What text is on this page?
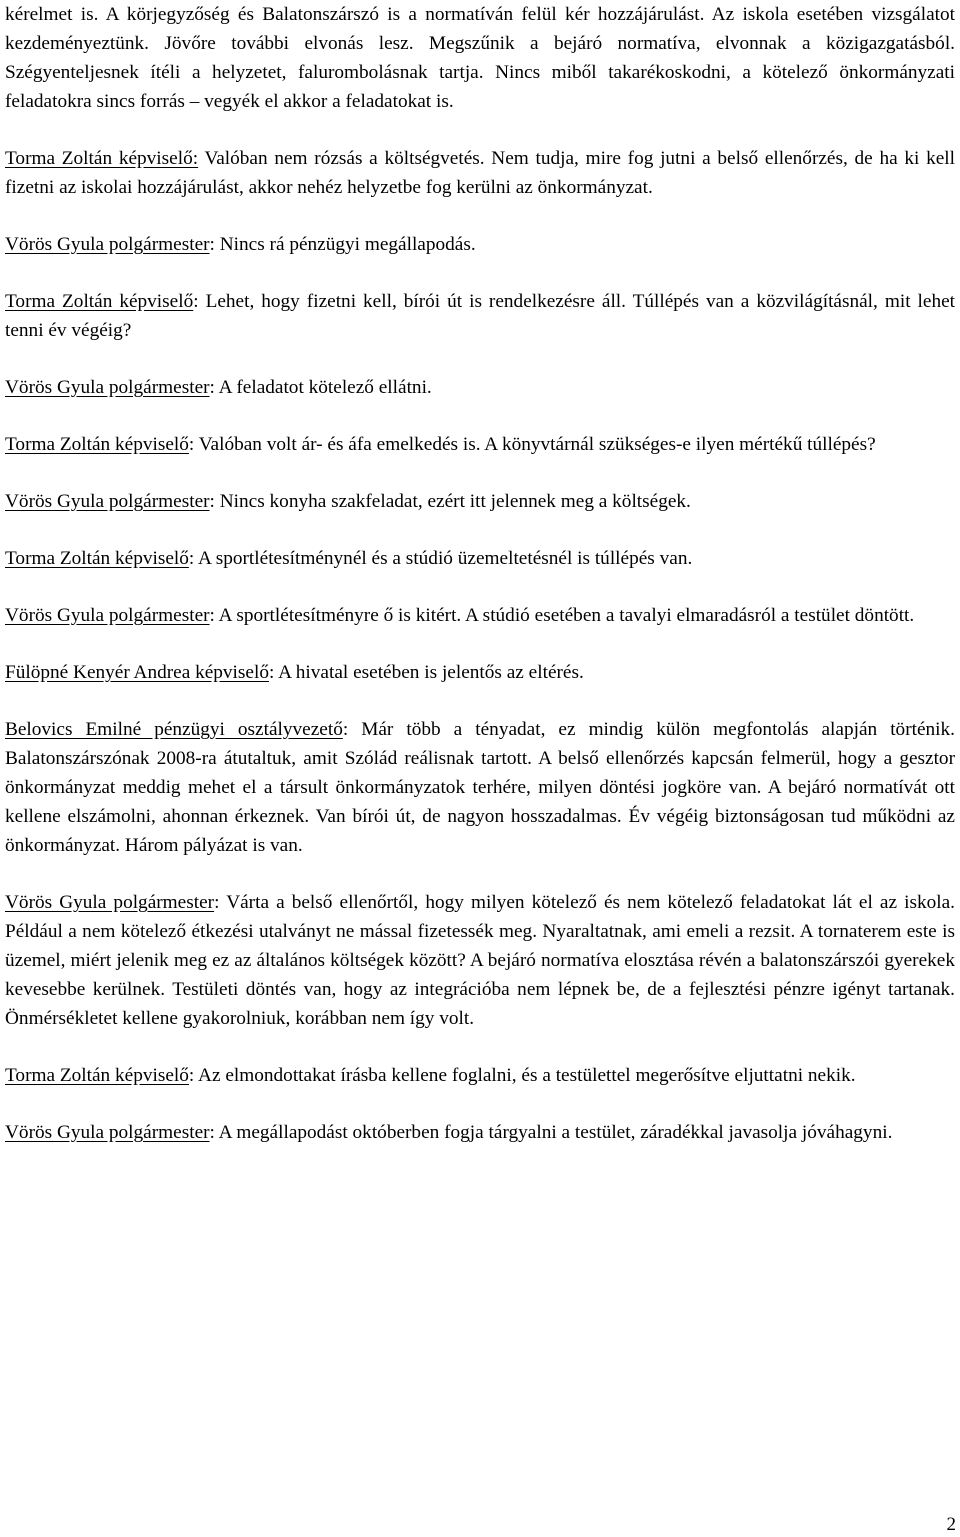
kérelmet is. A körjegyzőség és Balatonszárszó is a normatíván felül kér hozzájárulást. Az iskola esetében vizsgálatot kezdeményeztünk. Jövőre további elvonás lesz. Megszűnik a bejáró normatíva, elvonnak a közigazgatásból. Szégyenteljesnek ítéli a helyzetet, falurombolásnak tartja. Nincs miből takarékoskodni, a kötelező önkormányzati feladatokra sincs forrás – vegyék el akkor a feladatokat is.

Torma Zoltán képviselő: Valóban nem rózsás a költségvetés. Nem tudja, mire fog jutni a belső ellenőrzés, de ha ki kell fizetni az iskolai hozzájárulást, akkor nehéz helyzetbe fog kerülni az önkormányzat.

Vörös Gyula polgármester: Nincs rá pénzügyi megállapodás.

Torma Zoltán képviselő: Lehet, hogy fizetni kell, bírói út is rendelkezésre áll. Túllépés van a közvilágításnál, mit lehet tenni év végéig?

Vörös Gyula polgármester: A feladatot kötelező ellátni.

Torma Zoltán képviselő: Valóban volt ár- és áfa emelkedés is. A könyvtárnál szükséges-e ilyen mértékű túllépés?

Vörös Gyula polgármester: Nincs konyha szakfeladat, ezért itt jelennek meg a költségek.

Torma Zoltán képviselő: A sportlétesítménynél és a stúdió üzemeltetésnél is túllépés van.

Vörös Gyula polgármester: A sportlétesítményre ő is kitért. A stúdió esetében a tavalyi elmaradásról a testület döntött.

Fülöpné Kenyér Andrea képviselő: A hivatal esetében is jelentős az eltérés.

Belovics Emilné pénzügyi osztályvezető: Már több a tényadat, ez mindig külön megfontolás alapján történik. Balatonszárszónak 2008-ra átutaltuk, amit Szólád reálisnak tartott. A belső ellenőrzés kapcsán felmerül, hogy a gesztor önkormányzat meddig mehet el a társult önkormányzatok terhére, milyen döntési jogköre van. A bejáró normatívát ott kellene elszámolni, ahonnan érkeznek. Van bírói út, de nagyon hosszadalmas. Év végéig biztonságosan tud működni az önkormányzat. Három pályázat is van.

Vörös Gyula polgármester: Várta a belső ellenőrtől, hogy milyen kötelező és nem kötelező feladatokat lát el az iskola. Például a nem kötelező étkezési utalványt ne mással fizetessék meg. Nyaraltatnak, ami emeli a rezsit. A tornaterem este is üzemel, miért jelenik meg ez az általános költségek között? A bejáró normatíva elosztása révén a balatonszárszói gyerekek kevesebbe kerülnek. Testületi döntés van, hogy az integrációba nem lépnek be, de a fejlesztési pénzre igényt tartanak. Önmérsékletet kellene gyakorolniuk, korábban nem így volt.

Torma Zoltán képviselő: Az elmondottakat írásba kellene foglalni, és a testülettel megerősítve eljuttatni nekik.

Vörös Gyula polgármester: A megállapodást októberben fogja tárgyalni a testület, záradékkal javasolja jóváhagyni.

2
